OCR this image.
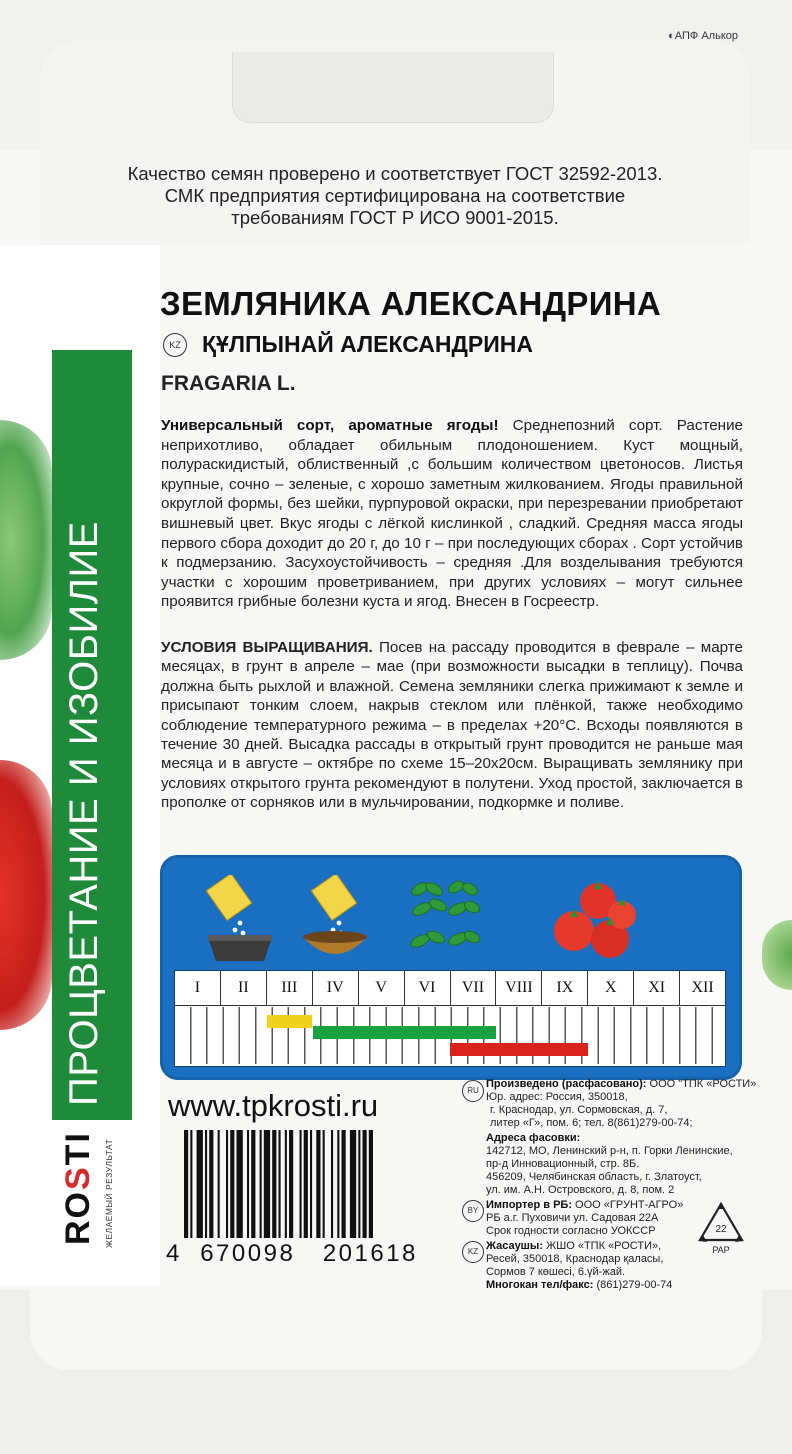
◐АПФ Алькор
Качество семян проверено и соответствует ГОСТ 32592-2013.
СМК предприятия сертифицирована на соответствие
требованиям ГОСТ Р ИСО 9001-2015.
ПРОЦВЕТАНИЕ И ИЗОБИЛИЕ
ROSTI ЖЕЛАЕМЫЙ РЕЗУЛЬТАТ
ЗЕМЛЯНИКА АЛЕКСАНДРИНА
KZ ҚҰЛПЫНАЙ АЛЕКСАНДРИНА
FRAGARIA L.
Универсальный сорт, ароматные ягоды! Среднепозний сорт. Растение неприхотливо, обладает обильным плодоношением. Куст мощный, полураскидистый, облиственный ,с большим количеством цветоносов. Листья крупные, сочно – зеленые, с хорошо заметным жилкованием. Ягоды правильной округлой формы, без шейки, пурпуровой окраски, при перезревании приобретают вишневый цвет. Вкус ягоды с лёгкой кислинкой , сладкий. Средняя масса ягоды первого сбора доходит до 20 г, до 10 г – при последующих сборах . Сорт устойчив к подмерзанию. Засухоустойчивость – средняя .Для возделывания требуются участки с хорошим проветриванием, при других условиях – могут сильнее проявится грибные болезни куста и ягод. Внесен в Госреестр.
УСЛОВИЯ ВЫРАЩИВАНИЯ. Посев на рассаду проводится в феврале – марте месяцах, в грунт в апреле – мае (при возможности высадки в теплицу). Почва должна быть рыхлой и влажной. Семена земляники слегка прижимают к земле и присыпают тонким слоем, накрыв стеклом или плёнкой, также необходимо соблюдение температурного режима – в пределах +20°С. Всходы появляются в течение 30 дней. Высадка рассады в открытый грунт проводится не раньше мая месяца и в августе – октябре по схеме 15–20х20см. Выращивать землянику при условиях открытого грунта рекомендуют в полутени. Уход простой, заключается в прополке от сорняков или в мульчировании, подкормке и поливе.
I	II	III	IV	V	VI	VII	VIII	IX	X	XI	XII
www.tpkrosti.ru
4 670098 201618
RU
BY
KZ
Произведено (расфасовано): ООО "ТПК «РОСТИ»
Юр. адрес: Россия, 350018,
г. Краснодар, ул. Сормовская, д. 7,
литер «Г», пом. 6; тел. 8(861)279-00-74;
Адреса фасовки:
142712, МО, Ленинский р-н, п. Горки Ленинские,
пр-д Инновационный, стр. 8Б.
456209, Челябинская область, г. Златоуст,
ул. им. А.Н. Островского, д. 8, пом. 2
Импортер в РБ: ООО «ГРУНТ-АГРО»
РБ а.г. Пуховичи ул. Садовая 22А
Срок годности согласно УОКССР
Жасаушы: ЖШО «ТПК «РОСТИ»,
Ресей, 350018, Краснодар қаласы,
Сормов 7 көшесі, 6.үй-жай.
Многокан тел/факс: (861)279-00-74
22
PAP
